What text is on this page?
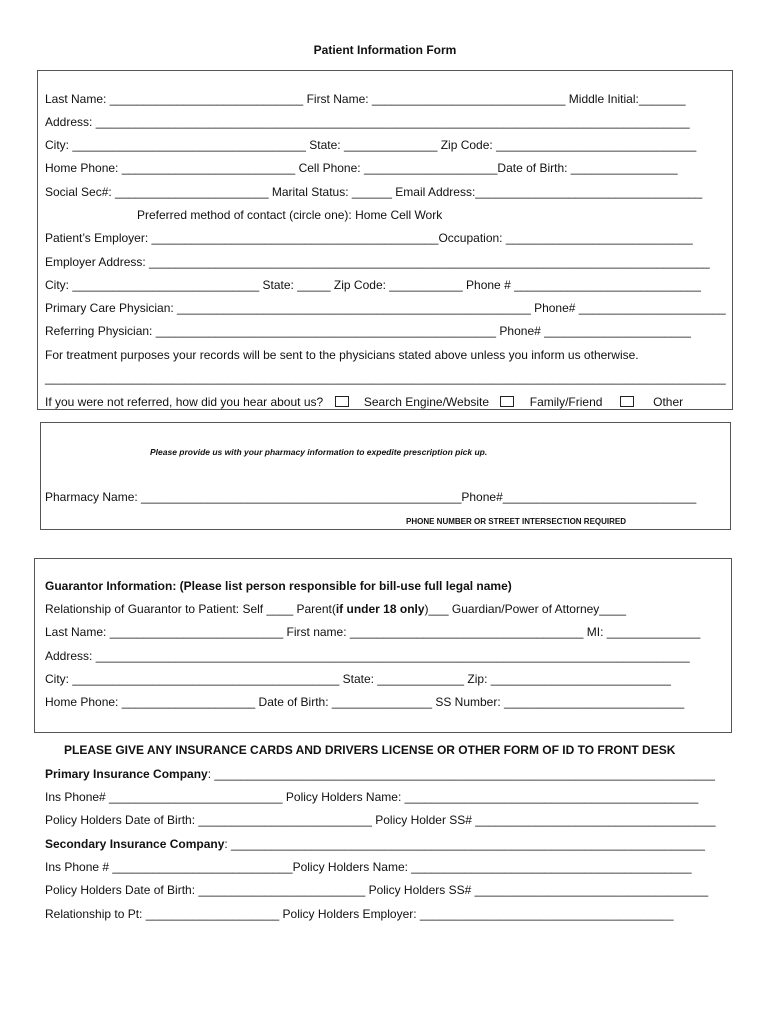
Patient Information Form
Last Name: _____________________________ First Name: _____________________________ Middle Initial:_______
Address: _________________________________________________________________________________________
City: ___________________________________ State: ______________ Zip Code: ______________________________
Home Phone: __________________________ Cell Phone: ____________________Date of Birth: ________________
Social Sec#: _______________________ Marital Status: ______ Email Address:__________________________________
Preferred method of contact (circle one): Home Cell Work
Patient’s Employer: ___________________________________________Occupation: ____________________________
Employer Address: ____________________________________________________________________________________
City: ____________________________ State: _____ Zip Code: ___________ Phone # ____________________________
Primary Care Physician: _____________________________________________________ Phone# ______________________
Referring Physician: ___________________________________________________ Phone# ______________________
For treatment purposes your records will be sent to the physicians stated above unless you inform us otherwise.
______________________________________________________________________________________________________
If you were not referred, how did you hear about us?	Search Engine/Website	Family/Friend	Other
Please provide us with your pharmacy information to expedite prescription pick up.
Pharmacy Name: ________________________________________________Phone#_____________________________
PHONE NUMBER OR STREET INTERSECTION REQUIRED
Guarantor Information: (Please list person responsible for bill-use full legal name)
Relationship of Guarantor to Patient: Self ____ Parent(if under 18 only)___ Guardian/Power of Attorney____
Last Name: __________________________ First name: ___________________________________ MI: ______________
Address: _________________________________________________________________________________________
City: ________________________________________ State: _____________ Zip: ___________________________
Home Phone: ____________________ Date of Birth: _______________ SS Number: ___________________________
PLEASE GIVE ANY INSURANCE CARDS AND DRIVERS LICENSE OR OTHER FORM OF ID TO FRONT DESK
Primary Insurance Company: ___________________________________________________________________________
Ins Phone# __________________________ Policy Holders Name: ____________________________________________
Policy Holders Date of Birth: __________________________ Policy Holder SS# ____________________________________
Secondary Insurance Company: _______________________________________________________________________
Ins Phone # ___________________________Policy Holders Name: __________________________________________
Policy Holders Date of Birth: _________________________ Policy Holders SS# ___________________________________
Relationship to Pt: ____________________ Policy Holders Employer: ______________________________________
